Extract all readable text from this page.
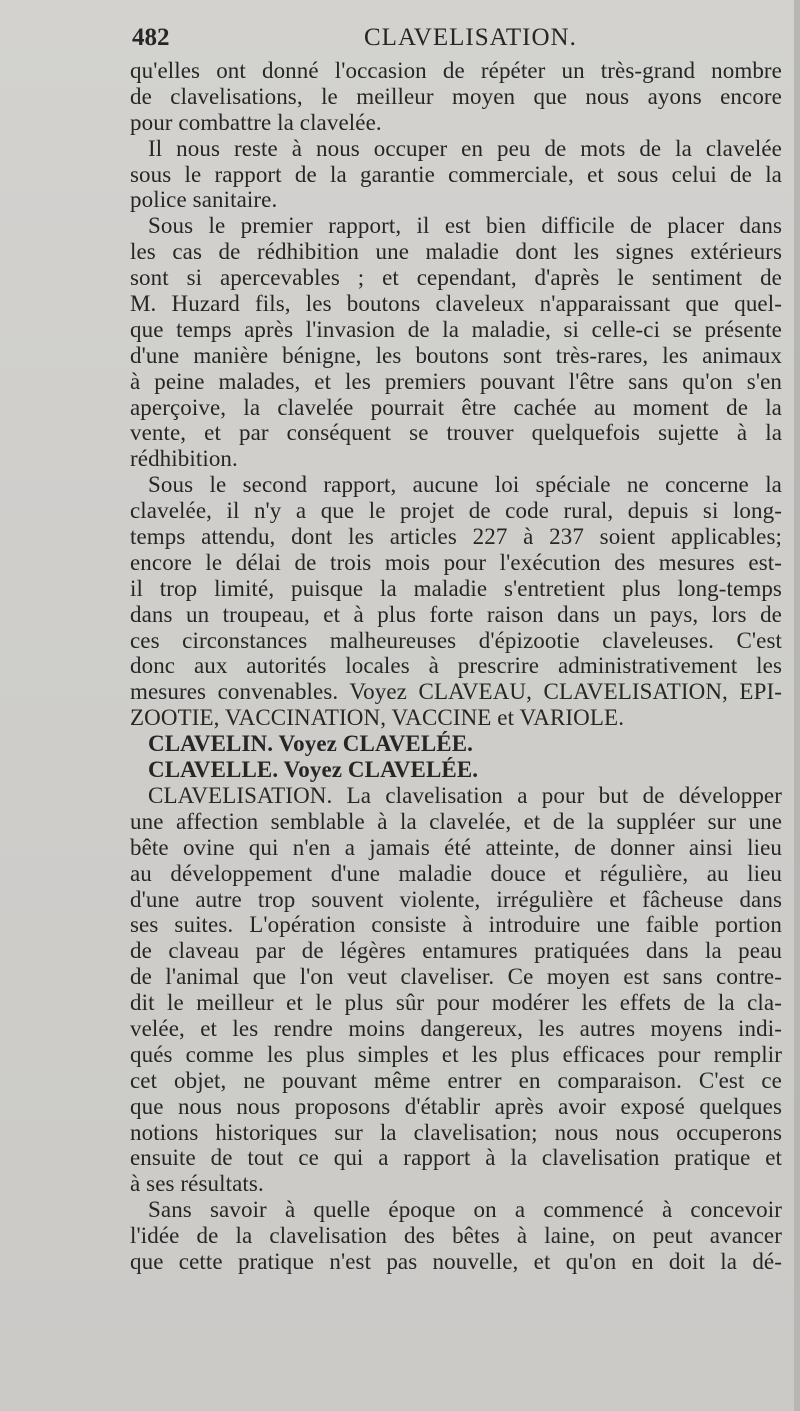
482	CLAVELISATION.
qu'elles ont donné l'occasion de répéter un très-grand nombre
de clavelisations, le meilleur moyen que nous ayons encore
pour combattre la clavelée.
Il nous reste à nous occuper en peu de mots de la clavelée
sous le rapport de la garantie commerciale, et sous celui de la
police sanitaire.
Sous le premier rapport, il est bien difficile de placer dans
les cas de rédhibition une maladie dont les signes extérieurs
sont si apercevables ; et cependant, d'après le sentiment de
M. Huzard fils, les boutons claveleux n'apparaissant que quel-
que temps après l'invasion de la maladie, si celle-ci se présente
d'une manière bénigne, les boutons sont très-rares, les animaux
à peine malades, et les premiers pouvant l'être sans qu'on s'en
aperçoive, la clavelée pourrait être cachée au moment de la
vente, et par conséquent se trouver quelquefois sujette à la
rédhibition.
Sous le second rapport, aucune loi spéciale ne concerne la
clavelée, il n'y a que le projet de code rural, depuis si long-
temps attendu, dont les articles 227 à 237 soient applicables;
encore le délai de trois mois pour l'exécution des mesures est-
il trop limité, puisque la maladie s'entretient plus long-temps
dans un troupeau, et à plus forte raison dans un pays, lors de
ces circonstances malheureuses d'épizootie claveleuses. C'est
donc aux autorités locales à prescrire administrativement les
mesures convenables. Voyez CLAVEAU, CLAVELISATION, EPI-
ZOOTIE, VACCINATION, VACCINE et VARIOLE.
CLAVELIN. Voyez CLAVELÉE.
CLAVELLE. Voyez CLAVELÉE.
CLAVELISATION. La clavelisation a pour but de développer
une affection semblable à la clavelée, et de la suppléer sur une
bête ovine qui n'en a jamais été atteinte, de donner ainsi lieu
au développement d'une maladie douce et régulière, au lieu
d'une autre trop souvent violente, irrégulière et fâcheuse dans
ses suites. L'opération consiste à introduire une faible portion
de claveau par de légères entamures pratiquées dans la peau
de l'animal que l'on veut claveliser. Ce moyen est sans contre-
dit le meilleur et le plus sûr pour modérer les effets de la cla-
velée, et les rendre moins dangereux, les autres moyens indi-
qués comme les plus simples et les plus efficaces pour remplir
cet objet, ne pouvant même entrer en comparaison. C'est ce
que nous nous proposons d'établir après avoir exposé quelques
notions historiques sur la clavelisation; nous nous occuperons
ensuite de tout ce qui a rapport à la clavelisation pratique et
à ses résultats.
Sans savoir à quelle époque on a commencé à concevoir
l'idée de la clavelisation des bêtes à laine, on peut avancer
que cette pratique n'est pas nouvelle, et qu'on en doit la dé-
